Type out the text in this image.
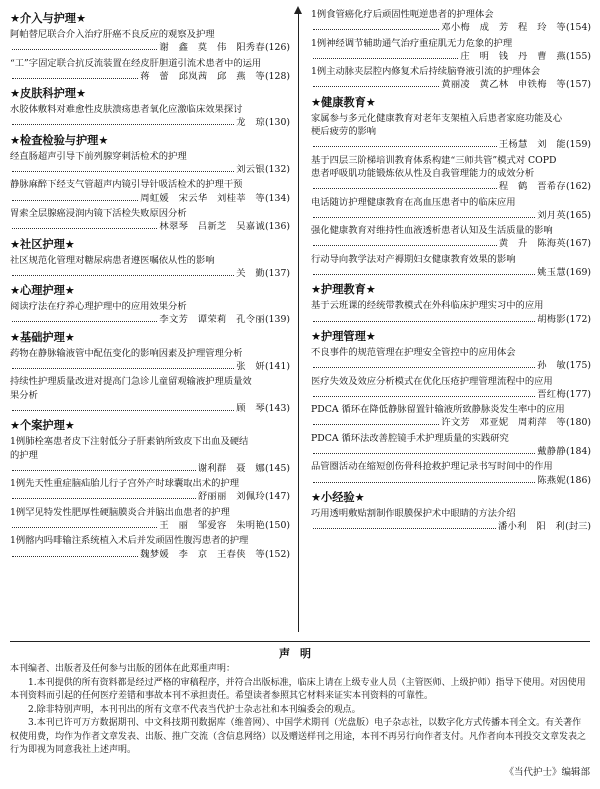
★介入与护理★
阿帕替尼联合介入治疗肝癌不良反应的观察及护理
谢　鑫　莫　伟　阳秀春 (126)
“工”字固定联合抗反流装置在经皮肝胆道引流术患者中的运用
蒋　蕾　邱岚茜　邱　燕　等 (128)
★皮肤科护理★
水胶体敷料对难愈性皮肤溃疡患者氧化应激临床效果探讨
龙　琼 (130)
★检查检验与护理★
经直肠超声引导下前列腺穿刺活检术的护理
刘云银 (132)
静脉麻醉下经支气管超声内镜引导针吸活检术的护理干预
周虹媛　宋云华　刘桂莘　等 (134)
胃索全层腺癌浸润内镜下活检失败原因分析
林翠琴　吕新芝　吴嘉诚 (136)
★社区护理★
社区规范化管理对糖尿病患者遵医嘱依从性的影响
关　勤 (137)
★心理护理★
阅读疗法在疗养心理护理中的应用效果分析
李文芳　谭荣莉　孔令丽 (139)
★基础护理★
药物在静脉输液管中配伍变化的影响因素及护理管理分析
张　妍 (141)
持续性护理质量改进对提高门急诊儿童留观输液护理质量效
果分析
顾　琴 (143)
★个案护理★
1例肺栓塞患者皮下注射低分子肝素钠所致皮下出血及硬结
的护理
谢利群　聂　娜 (145)
1例先天性重症脑疝胎儿行子宫外产时球囊取出术的护理
舒丽丽　刘佩玲 (147)
1例罕见特发性肥厚性硬脑膜炎合并脑出血患者的护理
王　丽　邹爱容　朱明艳 (150)
1例髂内吗啡输注系统植入术后并发顽固性腹泻患者的护理
魏梦媛　李　京　王春侠　等 (152)
1例食管癌化疗后顽固性呃逆患者的护理体会
邓小梅　成　芳　程　玲　等 (154)
1例神经调节辅助通气治疗重症肌无力危象的护理
庄　明　钱　丹　曹　燕 (155)
1例主动脉夹层腔内修复术后持续脑脊液引流的护理体会
黄丽凌　黄乙林　申铁梅　等 (157)
★健康教育★
家属参与多元化健康教育对老年支架植入后患者家庭功能及心
梗后疲劳的影响
王杨慧　刘　能 (159)
基于四层三阶梯培训教育体系构建“三师共管”模式对 COPD
患者呼吸肌功能锻炼依从性及自我管理能力的成效分析
程　鹤　晋希存 (162)
电话随访护理健康教育在高血压患者中的临床应用
刘月英 (165)
强化健康教育对维持性血液透析患者认知及生活质量的影响
黄　升　陈海英 (167)
行动导向教学法对产褥期妇女健康教育效果的影响
姚玉慧 (169)
★护理教育★
基于云班课的经统带教模式在外科临床护理实习中的应用
胡梅影 (172)
★护理管理★
不良事件的规范管理在护理安全管控中的应用体会
孙　敏 (175)
医疗失效及效应分析模式在优化压疮护理管理流程中的应用
晋红梅 (177)
PDCA 循环在降低静脉留置针输液所致静脉炎发生率中的应用
许文芳　邓亚妮　周莉萍　等 (180)
PDCA 循环法改善腔镜手术护理质量的实践研究
戴静静 (184)
品管圈活动在缩短创伤骨科抢救护理记录书写时间中的作用
陈燕妮 (186)
★小经验★
巧用透明敷贴割制作眼膜保护术中眼睛的方法介绍
潘小利　阳　利 (封三)
声明

本刊编者、出版者及任何参与出版的团体在此郑重声明：

1.本刊提供的所有资料都是经过严格的审稿程序，并符合出版标准，临床上请在上级专业人员（主管医师、上级护师）指导下使用。对因使用本刊资料而引起的任何医疗差错和事故本刊不承担责任。希望读者参照其它材料来证实本刊资料的可靠性。

2.除非特别声明，本刊刊出的所有文章不代表当代护士杂志社和本刊编委会的观点。

3.本刊已许可万方数据期刊、中文科技期刊数据库（维普网）、中国学术期刊（光盘版）电子杂志社，以数字化方式传播本刊全文。有关著作权使用费，均作为作者文章发表、出版、推广交流（含信息网络）以及赠送样刊之用途，本刊不再另行向作者支付。凡作者向本刊投交文章发表之行为即视为同意我社上述声明。

《当代护士》编辑部
